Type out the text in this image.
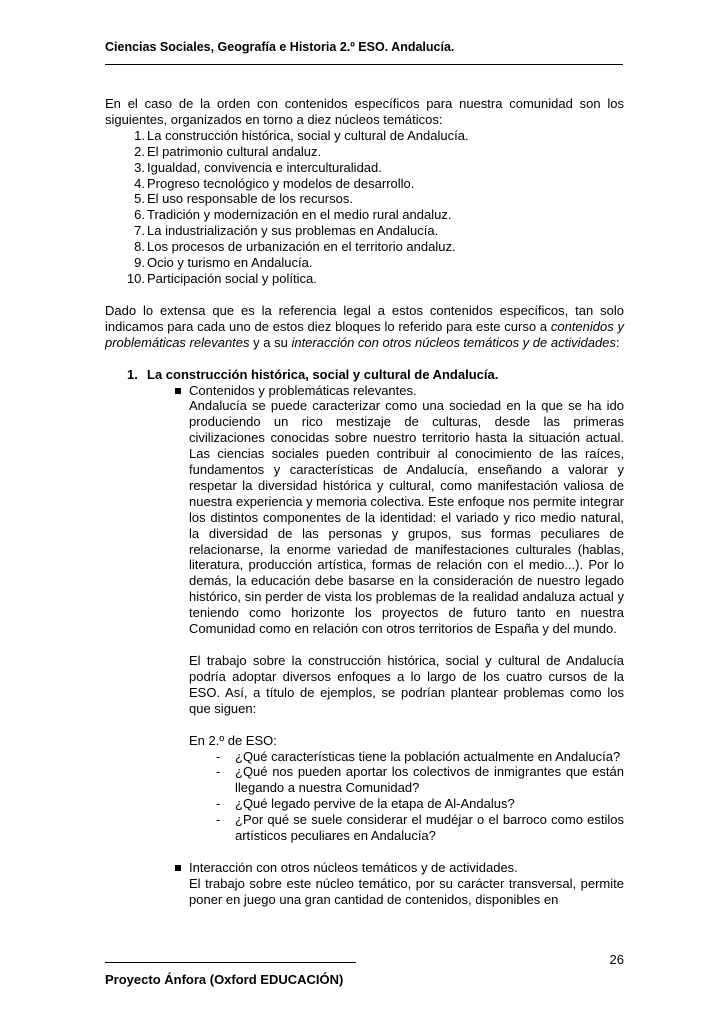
Ciencias Sociales, Geografía e Historia 2.º ESO. Andalucía.

En el caso de la orden con contenidos específicos para nuestra comunidad son los siguientes, organizados en torno a diez núcleos temáticos:

1. La construcción histórica, social y cultural de Andalucía.
2. El patrimonio cultural andaluz.
3. Igualdad, convivencia e interculturalidad.
4. Progreso tecnológico y modelos de desarrollo.
5. El uso responsable de los recursos.
6. Tradición y modernización en el medio rural andaluz.
7. La industrialización y sus problemas en Andalucía.
8. Los procesos de urbanización en el territorio andaluz.
9. Ocio y turismo en Andalucía.
10. Participación social y política.

Dado lo extensa que es la referencia legal a estos contenidos específicos, tan solo indicamos para cada uno de estos diez bloques lo referido para este curso a contenidos y problemáticas relevantes y a su interacción con otros núcleos temáticos y de actividades:

1. La construcción histórica, social y cultural de Andalucía.

Contenidos y problemáticas relevantes.
Andalucía se puede caracterizar como una sociedad en la que se ha ido produciendo un rico mestizaje de culturas, desde las primeras civilizaciones conocidas sobre nuestro territorio hasta la situación actual. Las ciencias sociales pueden contribuir al conocimiento de las raíces, fundamentos y características de Andalucía, enseñando a valorar y respetar la diversidad histórica y cultural, como manifestación valiosa de nuestra experiencia y memoria colectiva. Este enfoque nos permite integrar los distintos componentes de la identidad: el variado y rico medio natural, la diversidad de las personas y grupos, sus formas peculiares de relacionarse, la enorme variedad de manifestaciones culturales (hablas, literatura, producción artística, formas de relación con el medio...). Por lo demás, la educación debe basarse en la consideración de nuestro legado histórico, sin perder de vista los problemas de la realidad andaluza actual y teniendo como horizonte los proyectos de futuro tanto en nuestra Comunidad como en relación con otros territorios de España y del mundo.

El trabajo sobre la construcción histórica, social y cultural de Andalucía podría adoptar diversos enfoques a lo largo de los cuatro cursos de la ESO. Así, a título de ejemplos, se podrían plantear problemas como los que siguen:

En 2.º de ESO:

- ¿Qué características tiene la población actualmente en Andalucía?
- ¿Qué nos pueden aportar los colectivos de inmigrantes que están llegando a nuestra Comunidad?
- ¿Qué legado pervive de la etapa de Al-Andalus?
- ¿Por qué se suele considerar el mudéjar o el barroco como estilos artísticos peculiares en Andalucía?
Interacción con otros núcleos temáticos y de actividades.
El trabajo sobre este núcleo temático, por su carácter transversal, permite poner en juego una gran cantidad de contenidos, disponibles en
26
Proyecto Ánfora (Oxford EDUCACIÓN)
